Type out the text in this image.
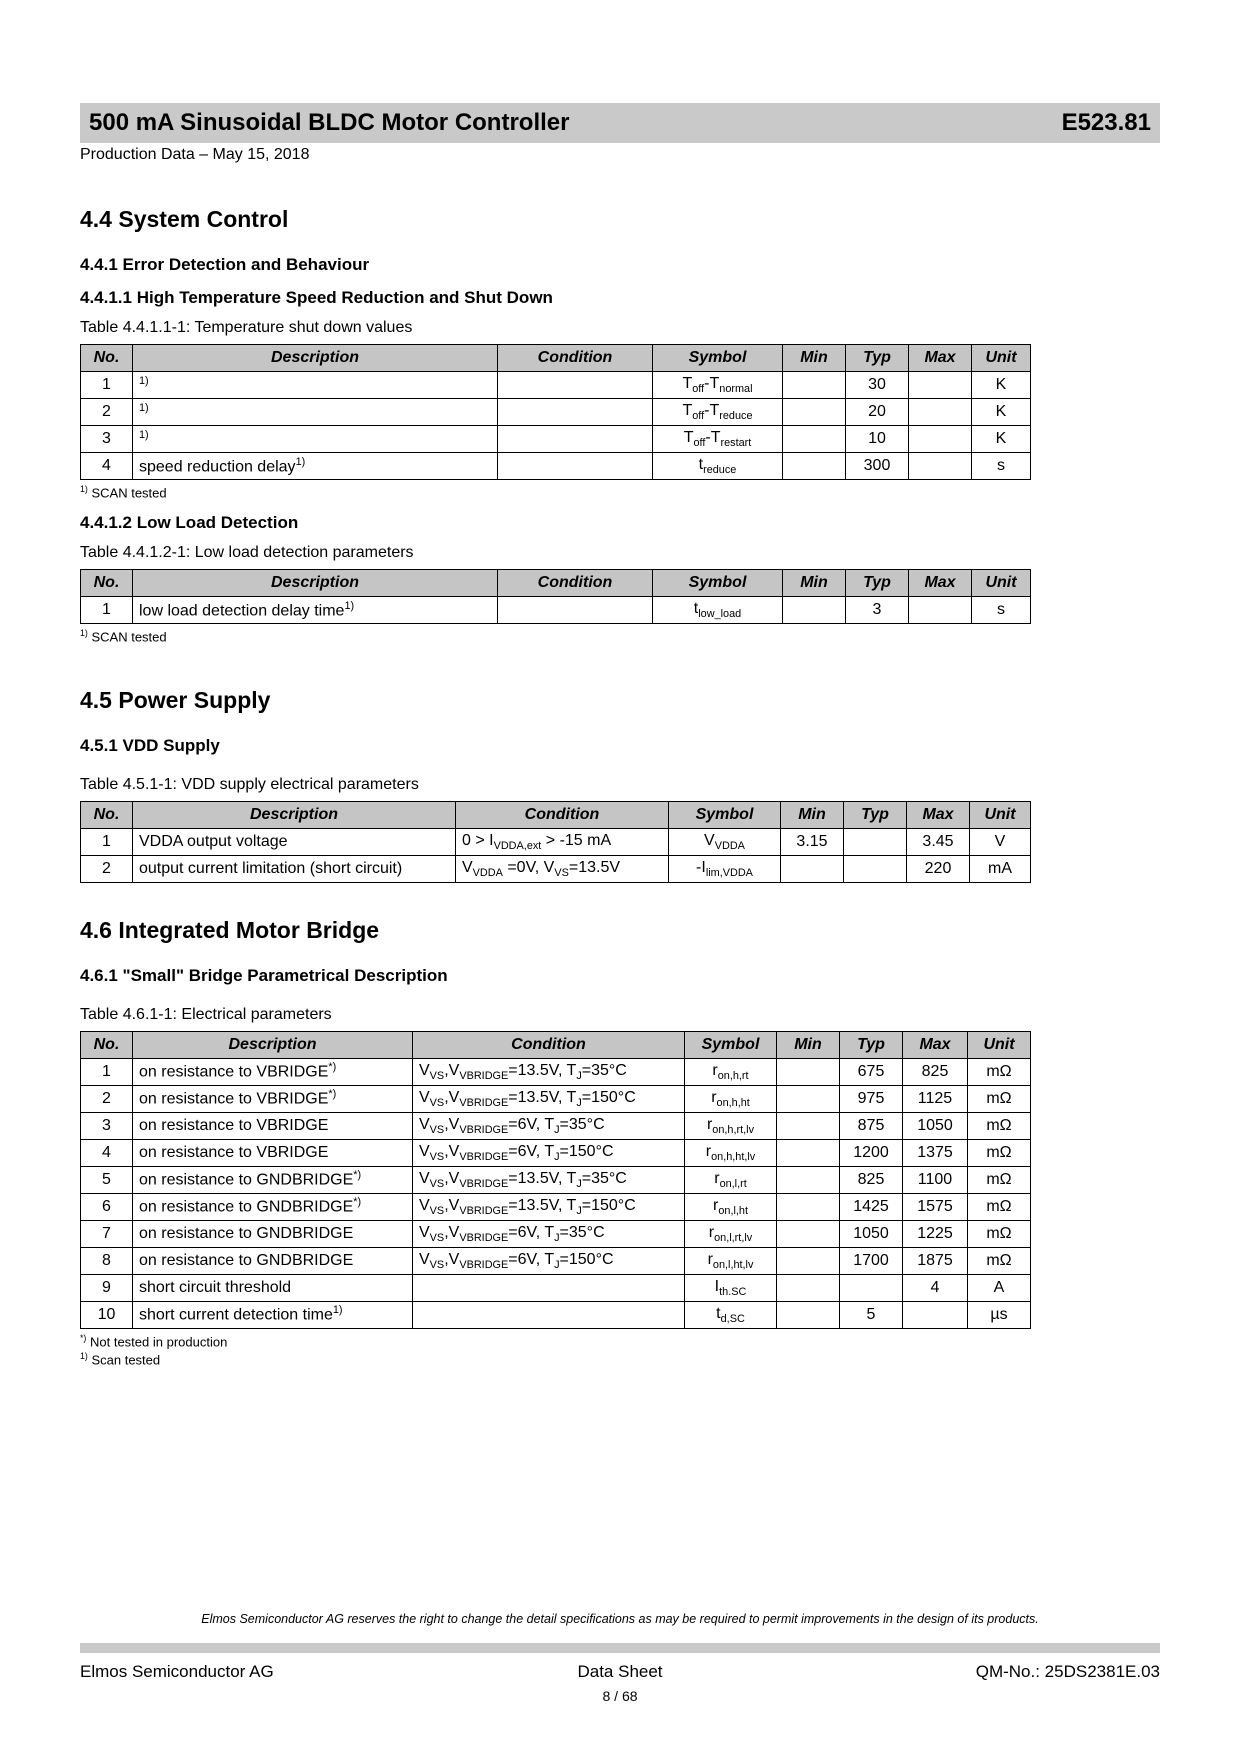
500 mA Sinusoidal BLDC Motor Controller	E523.81
Production Data – May 15, 2018
4.4 System Control
4.4.1 Error Detection and Behaviour
4.4.1.1 High Temperature Speed Reduction and Shut Down
Table 4.4.1.1-1: Temperature shut down values
No.	Description	Condition	Symbol	Min	Typ	Max	Unit
1	$^{1)}$		$T_{off}-T_{normal}$		30		K
2	$^{1)}$		$T_{off}-T_{reduce}$		20		K
3	$^{1)}$		$T_{off}-T_{restart}$		10		K
4	speed reduction delay$^{1)}$		$t_{reduce}$		300		s
$^{1)}$ SCAN tested
4.4.1.2 Low Load Detection
Table 4.4.1.2-1: Low load detection parameters
No.	Description	Condition	Symbol	Min	Typ	Max	Unit
1	low load detection delay time$^{1)}$		$t_{low\_load}$		3		s
$^{1)}$ SCAN tested
4.5 Power Supply
4.5.1 VDD Supply
Table 4.5.1-1: VDD supply electrical parameters
No.	Description	Condition	Symbol	Min	Typ	Max	Unit
1	VDDA output voltage	$0 > I_{VDDA,ext} > -15$ mA	$V_{VDDA}$	3.15		3.45	V
2	output current limitation (short circuit)	$V_{VDDA} =0V$, $V_{VS}=13.5V$	$-I_{lim,VDDA}$			220	mA
4.6 Integrated Motor Bridge
4.6.1 "Small" Bridge Parametrical Description
Table 4.6.1-1: Electrical parameters
No.	Description	Condition	Symbol	Min	Typ	Max	Unit
1	on resistance to VBRIDGE*)	$V_{VS},V_{VBRIDGE}=13.5V$, $T_J=35^\circ C$	$r_{on,h,rt}$		675	825	mΩ
2	on resistance to VBRIDGE*)	$V_{VS},V_{VBRIDGE}=13.5V$, $T_J=150^\circ C$	$r_{on,h,ht}$		975	1125	mΩ
3	on resistance to VBRIDGE	$V_{VS},V_{VBRIDGE}=6V$, $T_J=35^\circ C$	$r_{on,h,rt,lv}$		875	1050	mΩ
4	on resistance to VBRIDGE	$V_{VS},V_{VBRIDGE}=6V$, $T_J=150^\circ C$	$r_{on,h,ht,lv}$		1200	1375	mΩ
5	on resistance to GNDBRIDGE*)	$V_{VS},V_{VBRIDGE}=13.5V$, $T_J=35^\circ C$	$r_{on,l,rt}$		825	1100	mΩ
6	on resistance to GNDBRIDGE*)	$V_{VS},V_{VBRIDGE}=13.5V$, $T_J=150^\circ C$	$r_{on,l,ht}$		1425	1575	mΩ
7	on resistance to GNDBRIDGE	$V_{VS},V_{VBRIDGE}=6V$, $T_J=35^\circ C$	$r_{on,l,rt,lv}$		1050	1225	mΩ
8	on resistance to GNDBRIDGE	$V_{VS},V_{VBRIDGE}=6V$, $T_J=150^\circ C$	$r_{on,l,ht,lv}$		1700	1875	mΩ
9	short circuit threshold		$I_{th.SC}$			4	A
10	short current detection time$^{1)}$		$t_{d,SC}$		5		µs
*) Not tested in production
$^{1)}$ Scan tested
Elmos Semiconductor AG reserves the right to change the detail specifications as may be required to permit improvements in the design of its products.
Elmos Semiconductor AG	Data Sheet	QM-No.: 25DS2381E.03
8 / 68
